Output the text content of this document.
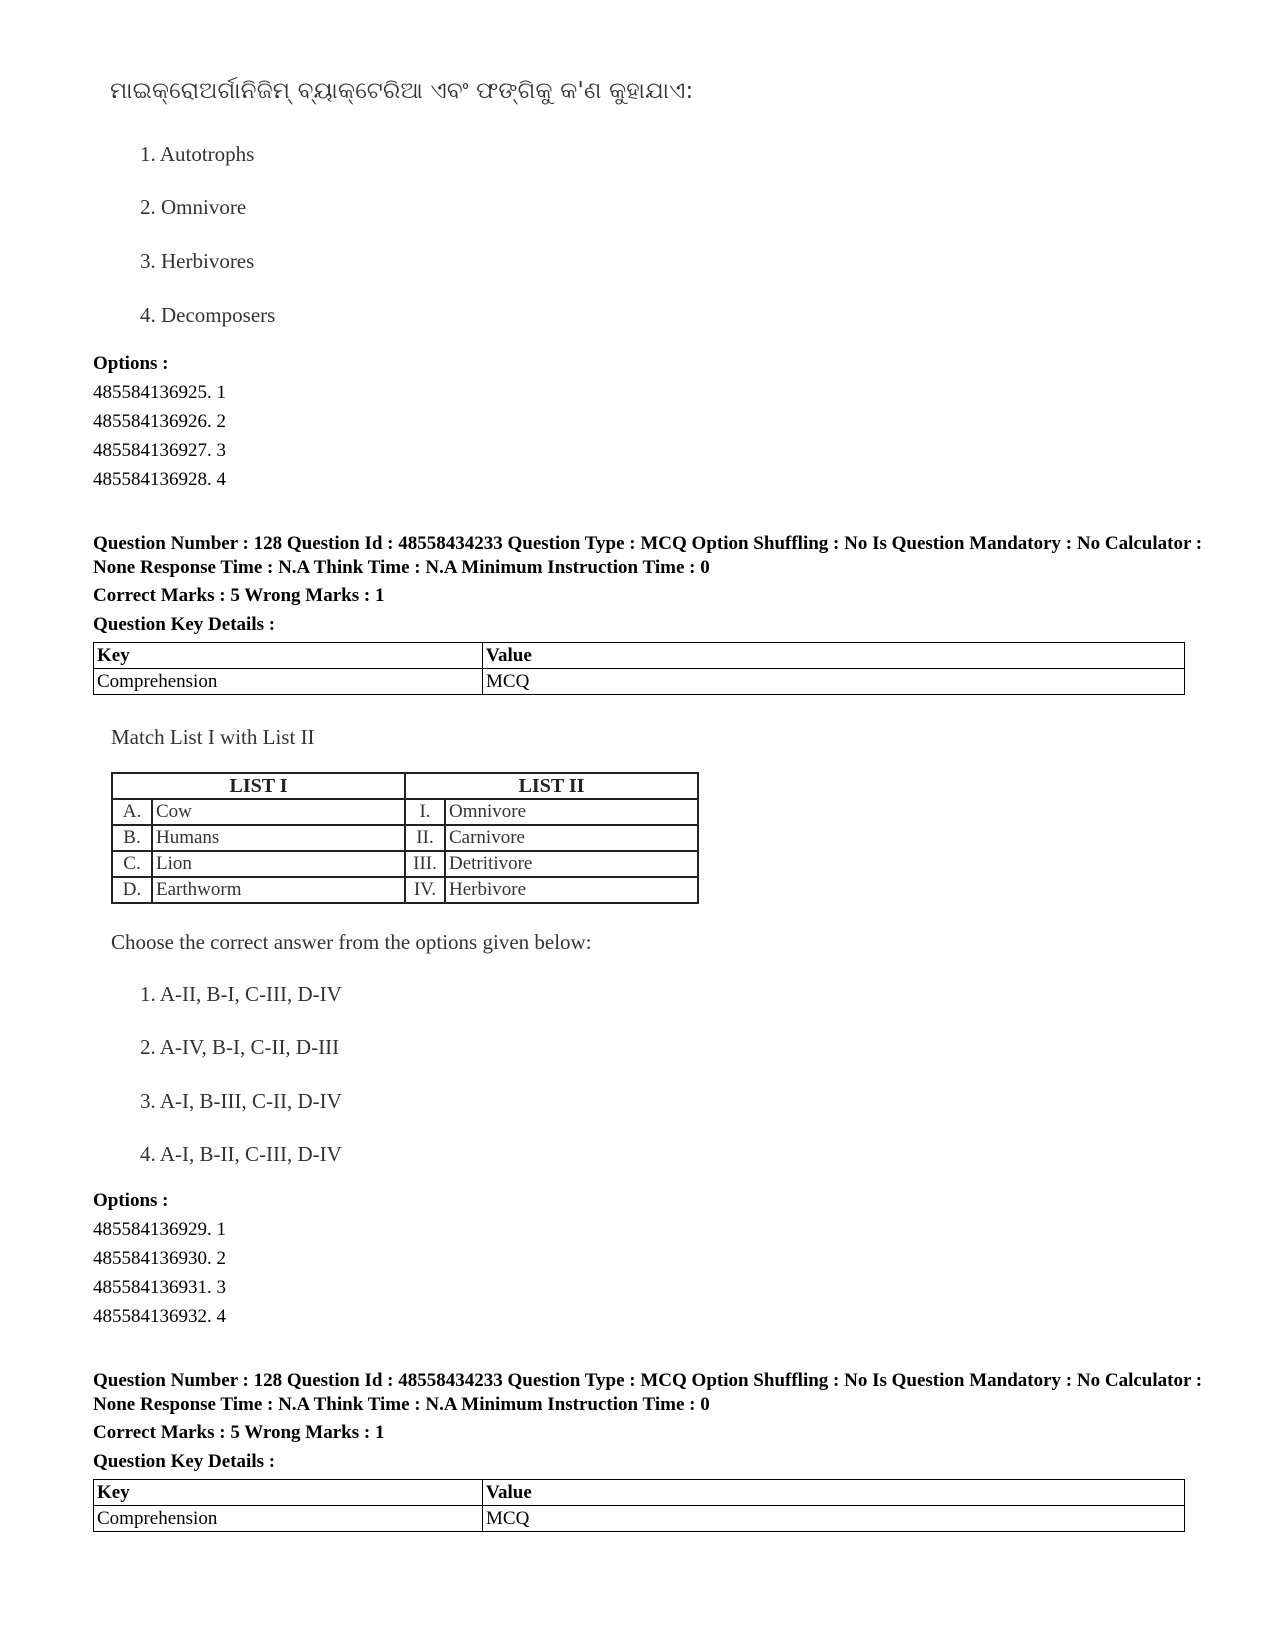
ମାଇକ୍ରୋଅର୍ଗାନିଜିମ୍ ବ୍ୟାକ୍ଟେରିଆ ଏବଂ ଫଙ୍ଗିକୁ କ'ଣ କୁହାଯାଏ:
1. Autotrophs
2. Omnivore
3. Herbivores
4. Decomposers
Options :
485584136925. 1
485584136926. 2
485584136927. 3
485584136928. 4
Question Number : 128 Question Id : 48558434233 Question Type : MCQ Option Shuffling : No Is Question Mandatory : No Calculator : None Response Time : N.A Think Time : N.A Minimum Instruction Time : 0
Correct Marks : 5 Wrong Marks : 1
Question Key Details :
Key	Value
Comprehension	MCQ
Match List I with List II
LIST I		LIST II	
A.	Cow	I.	Omnivore
B.	Humans	II.	Carnivore
C.	Lion	III.	Detritivore
D.	Earthworm	IV.	Herbivore
Choose the correct answer from the options given below:
1. A-II, B-I, C-III, D-IV
2. A-IV, B-I, C-II, D-III
3. A-I, B-III, C-II, D-IV
4. A-I, B-II, C-III, D-IV
Options :
485584136929. 1
485584136930. 2
485584136931. 3
485584136932. 4
Question Number : 128 Question Id : 48558434233 Question Type : MCQ Option Shuffling : No Is Question Mandatory : No Calculator : None Response Time : N.A Think Time : N.A Minimum Instruction Time : 0
Correct Marks : 5 Wrong Marks : 1
Question Key Details :
Key	Value
Comprehension	MCQ
